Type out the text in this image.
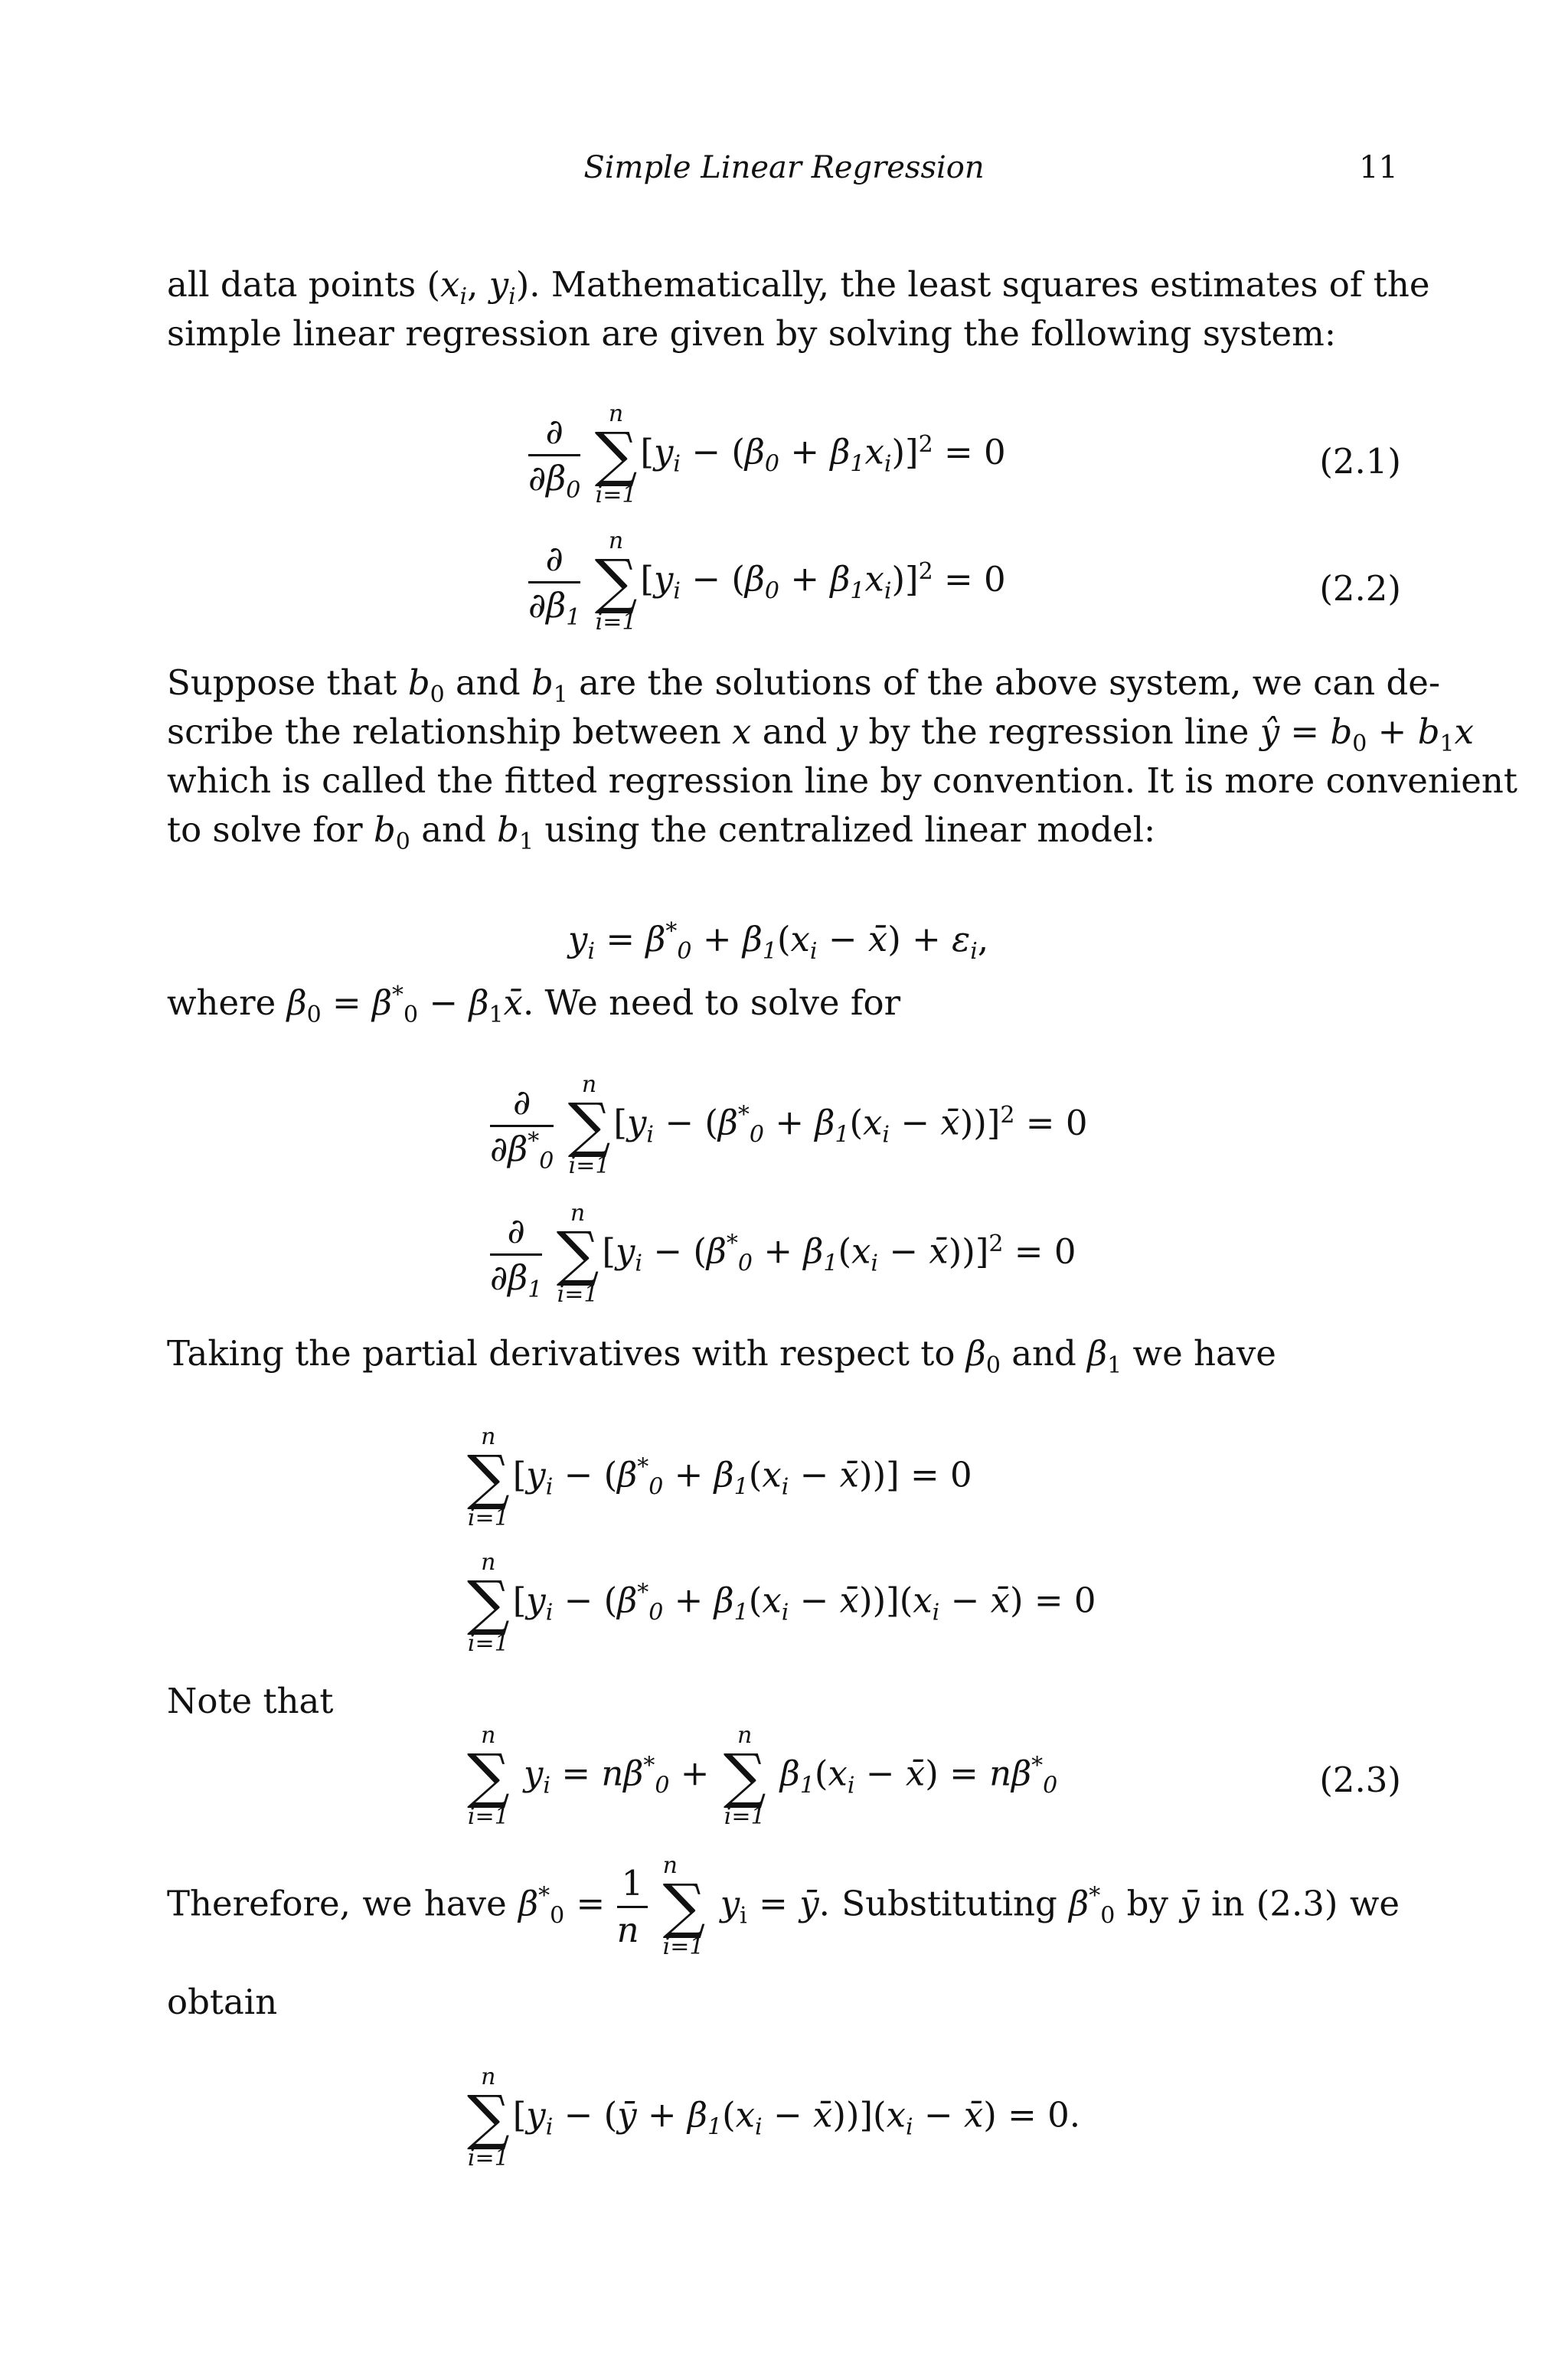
Simple Linear Regression	11
all data points ($x_i$, $y_i$). Mathematically, the least squares estimates of the
simple linear regression are given by solving the following system:
$\frac{\partial}{\partial\beta_0}$
	n
∑
i=1
$[y_i - (\beta_0 + \beta_1x_i)]^2 = 0$	(2.1)
$\frac{\partial}{\partial\beta_1}$
	n
∑
i=1
$[y_i - (\beta_0 + \beta_1x_i)]^2 = 0$	(2.2)
Suppose that $b_0$ and $b_1$ are the solutions of the above system, we can de-
scribe the relationship between x and y by the regression line ŷ = $b_0 + b_1x$
which is called the fitted regression line by convention. It is more convenient
to solve for $b_0$ and $b_1$ using the centralized linear model:
$y_i = \beta^*_0 + \beta_1(x_i$ − x̄) + $\varepsilon_i$,
where $\beta_0 = \beta^*_0$ − $\beta_1x̄$. We need to solve for
$\frac{\partial}{\partial\beta^*_0}$
	n
∑
i=1
[$y_i - (\beta^*_0 + \beta_1(x_i$ − x̄))]$^2$ = 0
$\frac{\partial}{\partial\beta_1}$
	n
∑
i=1
[$y_i - (\beta^*_0 + \beta_1(x_i$ − x̄))]$^2$ = 0
Taking the partial derivatives with respect to $\beta_0$ and $\beta_1$ we have
n
∑
i=1
[$y_i - (\beta^*_0 + \beta_1(x_i$ − x̄))] = 0
n
∑
i=1
[$y_i - (\beta^*_0 + \beta_1(x_i$ − $x̄))](x_i$ − x̄) = 0
Note that
n
∑
i=1
$y_i = n\beta^*_0$ +
n
∑
i=1
$\beta_1(x_i$ − x̄) = $n\beta^*_0$	(2.3)
Therefore, we have $\beta^*_0 = \frac{1}{n}$
n
∑
i=1
$y_i$ = ȳ. Substituting $\beta^*_0$ by ȳ in (2.3) we
obtain
n
∑
i=1
[$y_i$ − (ȳ + $\beta_1(x_i$ − $x̄))](x_i$ − x̄) = 0.
